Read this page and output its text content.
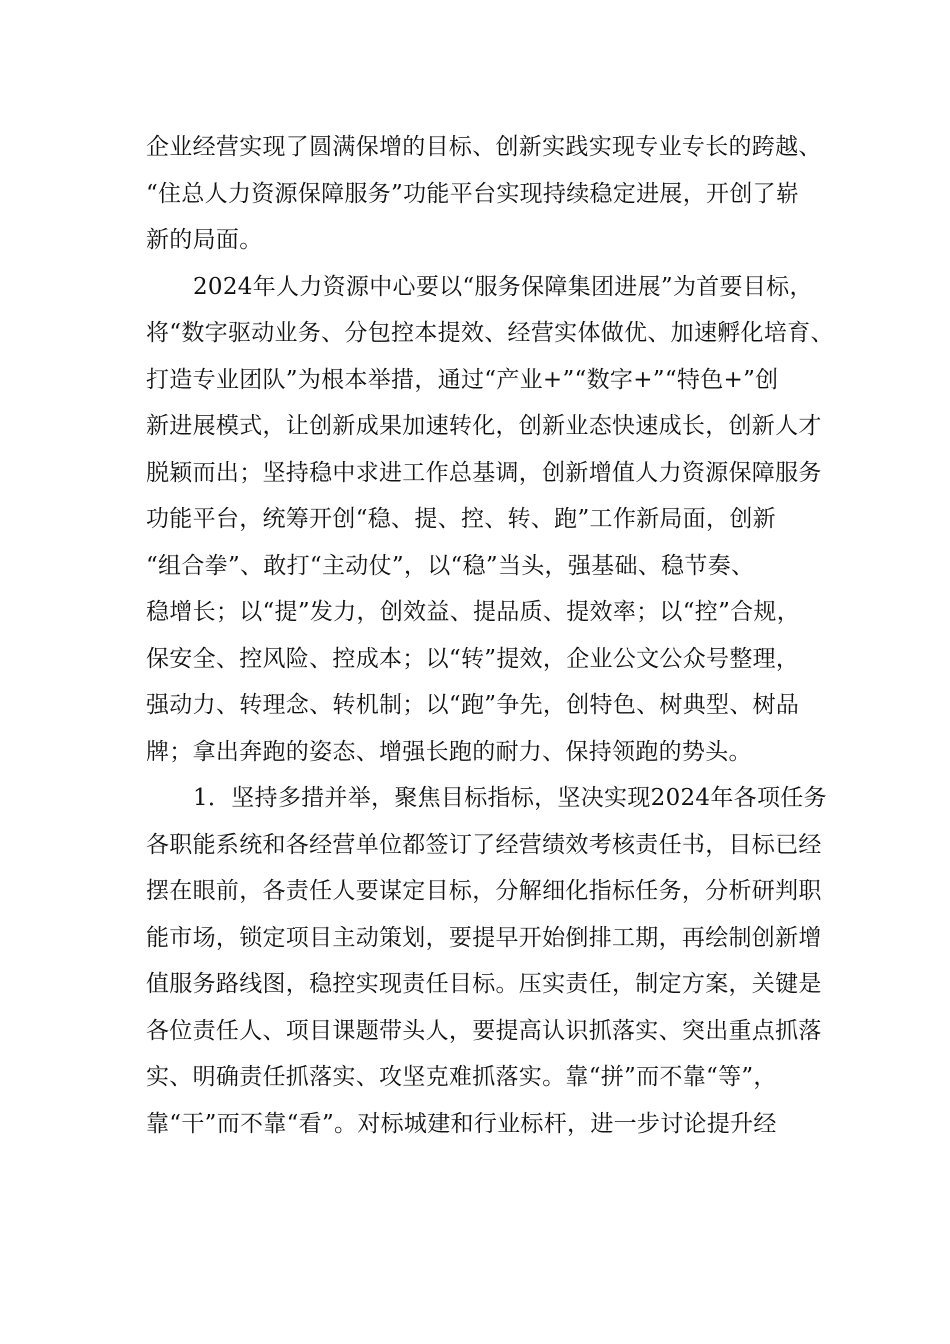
企业经营实现了圆满保增的目标、创新实践实现专业专长的跨越、
“住总人力资源保障服务”功能平台实现持续稳定进展，开创了崭
新的局面。
2024年人力资源中心要以“服务保障集团进展”为首要目标，
将“数字驱动业务、分包控本提效、经营实体做优、加速孵化培育、
打造专业团队”为根本举措，通过“产业+”“数字+”“特色+”创
新进展模式，让创新成果加速转化，创新业态快速成长，创新人才
脱颖而出；坚持稳中求进工作总基调，创新增值人力资源保障服务
功能平台，统筹开创“稳、提、控、转、跑”工作新局面，创新
“组合拳”、敢打“主动仗”，以“稳”当头，强基础、稳节奏、
稳增长；以“提”发力，创效益、提品质、提效率；以“控”合规，
保安全、控风险、控成本；以“转”提效，企业公文公众号整理，
强动力、转理念、转机制；以“跑”争先，创特色、树典型、树品
牌；拿出奔跑的姿态、增强长跑的耐力、保持领跑的势头。
1．坚持多措并举，聚焦目标指标，坚决实现2024年各项任务
各职能系统和各经营单位都签订了经营绩效考核责任书，目标已经
摆在眼前，各责任人要谋定目标，分解细化指标任务，分析研判职
能市场，锁定项目主动策划，要提早开始倒排工期，再绘制创新增
值服务路线图，稳控实现责任目标。压实责任，制定方案，关键是
各位责任人、项目课题带头人，要提高认识抓落实、突出重点抓落
实、明确责任抓落实、攻坚克难抓落实。靠“拼”而不靠“等”，
靠“干”而不靠“看”。对标城建和行业标杆，进一步讨论提升经
